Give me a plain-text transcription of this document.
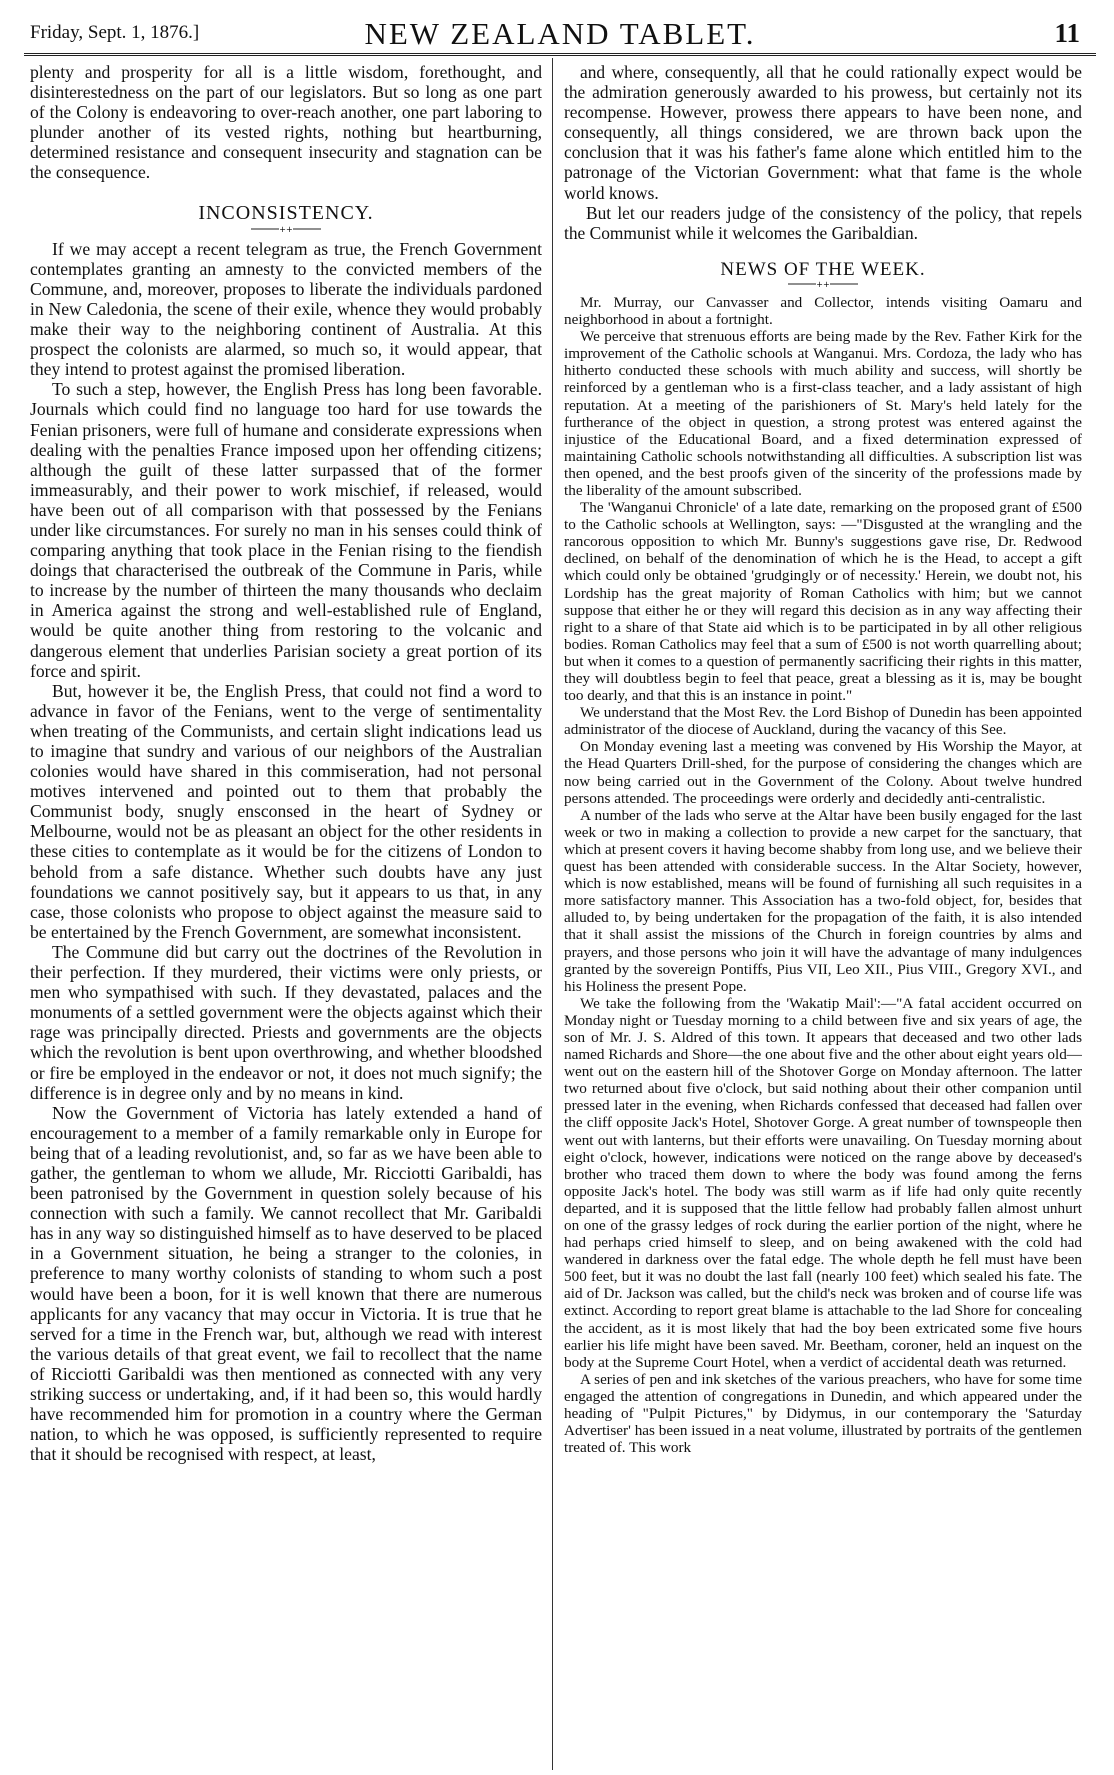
Friday, Sept. 1, 1876.]	NEW ZEALAND TABLET.	11

plenty and prosperity for all is a little wisdom, forethought, and disinterestedness on the part of our legislators. But so long as one part of the Colony is endeavoring to over-reach another, one part laboring to plunder another of its vested rights, nothing but heartburning, determined resistance and consequent insecurity and stagnation can be the consequence.

INCONSISTENCY.
++

If we may accept a recent telegram as true, the French Government contemplates granting an amnesty to the convicted members of the Commune, and, moreover, proposes to liberate the individuals pardoned in New Caledonia, the scene of their exile, whence they would probably make their way to the neighboring continent of Australia. At this prospect the colonists are alarmed, so much so, it would appear, that they intend to protest against the promised liberation.

To such a step, however, the English Press has long been favorable. Journals which could find no language too hard for use towards the Fenian prisoners, were full of humane and considerate expressions when dealing with the penalties France imposed upon her offending citizens; although the guilt of these latter surpassed that of the former immeasurably, and their power to work mischief, if released, would have been out of all comparison with that possessed by the Fenians under like circumstances. For surely no man in his senses could think of comparing anything that took place in the Fenian rising to the fiendish doings that characterised the outbreak of the Commune in Paris, while to increase by the number of thirteen the many thousands who declaim in America against the strong and well-established rule of England, would be quite another thing from restoring to the volcanic and dangerous element that underlies Parisian society a great portion of its force and spirit.

But, however it be, the English Press, that could not find a word to advance in favor of the Fenians, went to the verge of sentimentality when treating of the Communists, and certain slight indications lead us to imagine that sundry and various of our neighbors of the Australian colonies would have shared in this commiseration, had not personal motives intervened and pointed out to them that probably the Communist body, snugly ensconsed in the heart of Sydney or Melbourne, would not be as pleasant an object for the other residents in these cities to contemplate as it would be for the citizens of London to behold from a safe distance. Whether such doubts have any just foundations we cannot positively say, but it appears to us that, in any case, those colonists who propose to object against the measure said to be entertained by the French Government, are somewhat inconsistent.

The Commune did but carry out the doctrines of the Revolution in their perfection. If they murdered, their victims were only priests, or men who sympathised with such. If they devastated, palaces and the monuments of a settled government were the objects against which their rage was principally directed. Priests and governments are the objects which the revolution is bent upon overthrowing, and whether bloodshed or fire be employed in the endeavor or not, it does not much signify; the difference is in degree only and by no means in kind.

Now the Government of Victoria has lately extended a hand of encouragement to a member of a family remarkable only in Europe for being that of a leading revolutionist, and, so far as we have been able to gather, the gentleman to whom we allude, Mr. Ricciotti Garibaldi, has been patronised by the Government in question solely because of his connection with such a family. We cannot recollect that Mr. Garibaldi has in any way so distinguished himself as to have deserved to be placed in a Government situation, he being a stranger to the colonies, in preference to many worthy colonists of standing to whom such a post would have been a boon, for it is well known that there are numerous applicants for any vacancy that may occur in Victoria. It is true that he served for a time in the French war, but, although we read with interest the various details of that great event, we fail to recollect that the name of Ricciotti Garibaldi was then mentioned as connected with any very striking success or undertaking, and, if it had been so, this would hardly have recommended him for promotion in a country where the German nation, to which he was opposed, is sufficiently represented to require that it should be recognised with respect, at least,

and where, consequently, all that he could rationally expect would be the admiration generously awarded to his prowess, but certainly not its recompense. However, prowess there appears to have been none, and consequently, all things considered, we are thrown back upon the conclusion that it was his father's fame alone which entitled him to the patronage of the Victorian Government: what that fame is the whole world knows.

But let our readers judge of the consistency of the policy, that repels the Communist while it welcomes the Garibaldian.

NEWS OF THE WEEK.
++

Mr. Murray, our Canvasser and Collector, intends visiting Oamaru and neighborhood in about a fortnight.

We perceive that strenuous efforts are being made by the Rev. Father Kirk for the improvement of the Catholic schools at Wanganui. Mrs. Cordoza, the lady who has hitherto conducted these schools with much ability and success, will shortly be reinforced by a gentleman who is a first-class teacher, and a lady assistant of high reputation. At a meeting of the parishioners of St. Mary's held lately for the furtherance of the object in question, a strong protest was entered against the injustice of the Educational Board, and a fixed determination expressed of maintaining Catholic schools notwithstanding all difficulties. A subscription list was then opened, and the best proofs given of the sincerity of the professions made by the liberality of the amount subscribed.

The 'Wanganui Chronicle' of a late date, remarking on the proposed grant of £500 to the Catholic schools at Wellington, says: —"Disgusted at the wrangling and the rancorous opposition to which Mr. Bunny's suggestions gave rise, Dr. Redwood declined, on behalf of the denomination of which he is the Head, to accept a gift which could only be obtained 'grudgingly or of necessity.' Herein, we doubt not, his Lordship has the great majority of Roman Catholics with him; but we cannot suppose that either he or they will regard this decision as in any way affecting their right to a share of that State aid which is to be participated in by all other religious bodies. Roman Catholics may feel that a sum of £500 is not worth quarrelling about; but when it comes to a question of permanently sacrificing their rights in this matter, they will doubtless begin to feel that peace, great a blessing as it is, may be bought too dearly, and that this is an instance in point."

We understand that the Most Rev. the Lord Bishop of Dunedin has been appointed administrator of the diocese of Auckland, during the vacancy of this See.

On Monday evening last a meeting was convened by His Worship the Mayor, at the Head Quarters Drill-shed, for the purpose of considering the changes which are now being carried out in the Government of the Colony. About twelve hundred persons attended. The proceedings were orderly and decidedly anti-centralistic.

A number of the lads who serve at the Altar have been busily engaged for the last week or two in making a collection to provide a new carpet for the sanctuary, that which at present covers it having become shabby from long use, and we believe their quest has been attended with considerable success. In the Altar Society, however, which is now established, means will be found of furnishing all such requisites in a more satisfactory manner. This Association has a two-fold object, for, besides that alluded to, by being undertaken for the propagation of the faith, it is also intended that it shall assist the missions of the Church in foreign countries by alms and prayers, and those persons who join it will have the advantage of many indulgences granted by the sovereign Pontiffs, Pius VII, Leo XII., Pius VIII., Gregory XVI., and his Holiness the present Pope.

We take the following from the 'Wakatip Mail':—"A fatal accident occurred on Monday night or Tuesday morning to a child between five and six years of age, the son of Mr. J. S. Aldred of this town. It appears that deceased and two other lads named Richards and Shore—the one about five and the other about eight years old—went out on the eastern hill of the Shotover Gorge on Monday afternoon. The latter two returned about five o'clock, but said nothing about their other companion until pressed later in the evening, when Richards confessed that deceased had fallen over the cliff opposite Jack's Hotel, Shotover Gorge. A great number of townspeople then went out with lanterns, but their efforts were unavailing. On Tuesday morning about eight o'clock, however, indications were noticed on the range above by deceased's brother who traced them down to where the body was found among the ferns opposite Jack's hotel. The body was still warm as if life had only quite recently departed, and it is supposed that the little fellow had probably fallen almost unhurt on one of the grassy ledges of rock during the earlier portion of the night, where he had perhaps cried himself to sleep, and on being awakened with the cold had wandered in darkness over the fatal edge. The whole depth he fell must have been 500 feet, but it was no doubt the last fall (nearly 100 feet) which sealed his fate. The aid of Dr. Jackson was called, but the child's neck was broken and of course life was extinct. According to report great blame is attachable to the lad Shore for concealing the accident, as it is most likely that had the boy been extricated some five hours earlier his life might have been saved. Mr. Beetham, coroner, held an inquest on the body at the Supreme Court Hotel, when a verdict of accidental death was returned.

A series of pen and ink sketches of the various preachers, who have for some time engaged the attention of congregations in Dunedin, and which appeared under the heading of "Pulpit Pictures," by Didymus, in our contemporary the 'Saturday Advertiser' has been issued in a neat volume, illustrated by portraits of the gentlemen treated of. This work
